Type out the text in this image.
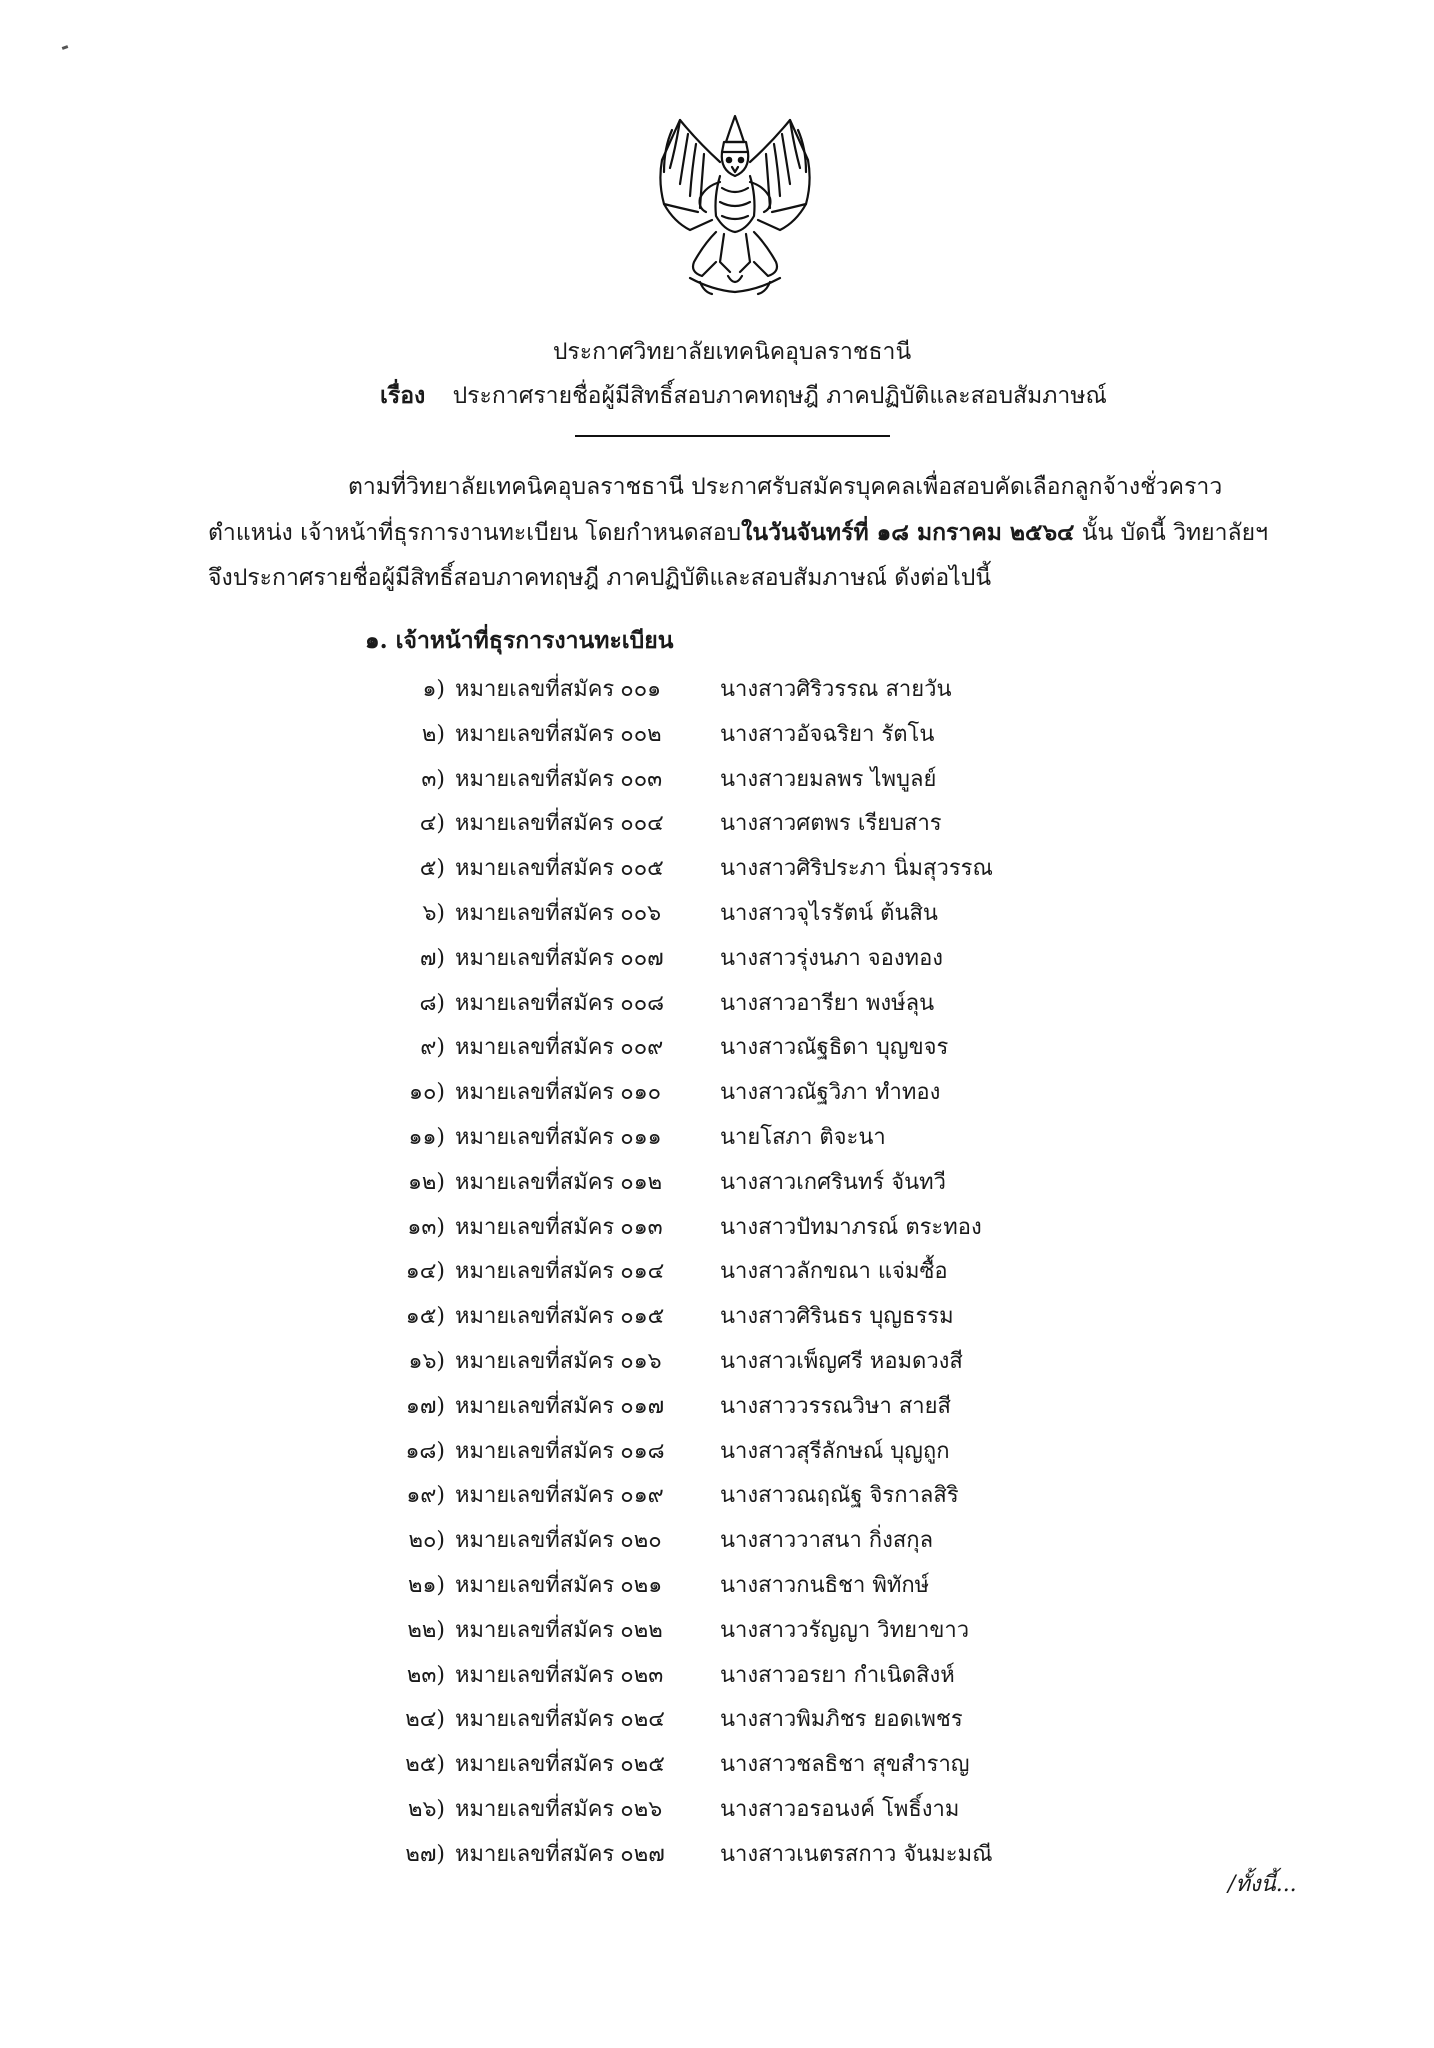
ประกาศวิทยาลัยเทคนิคอุบลราชธานี
เรื่อง ประกาศรายชื่อผู้มีสิทธิ์สอบภาคทฤษฎี ภาคปฏิบัติและสอบสัมภาษณ์
ตามที่วิทยาลัยเทคนิคอุบลราชธานี ประกาศรับสมัครบุคคลเพื่อสอบคัดเลือกลูกจ้างชั่วคราว
ตำแหน่ง เจ้าหน้าที่ธุรการงานทะเบียน โดยกำหนดสอบในวันจันทร์ที่ ๑๘ มกราคม ๒๕๖๔ นั้น บัดนี้ วิทยาลัยฯ
จึงประกาศรายชื่อผู้มีสิทธิ์สอบภาคทฤษฎี ภาคปฏิบัติและสอบสัมภาษณ์ ดังต่อไปนี้
๑. เจ้าหน้าที่ธุรการงานทะเบียน
๑) หมายเลขที่สมัคร ๐๐๑	นางสาวศิริวรรณ สายวัน
๒) หมายเลขที่สมัคร ๐๐๒	นางสาวอัจฉริยา รัตโน
๓) หมายเลขที่สมัคร ๐๐๓	นางสาวยมลพร ไพบูลย์
๔) หมายเลขที่สมัคร ๐๐๔	นางสาวศตพร เรียบสาร
๕) หมายเลขที่สมัคร ๐๐๕	นางสาวศิริประภา นิ่มสุวรรณ
๖) หมายเลขที่สมัคร ๐๐๖	นางสาวจุไรรัตน์ ต้นสิน
๗) หมายเลขที่สมัคร ๐๐๗	นางสาวรุ่งนภา จองทอง
๘) หมายเลขที่สมัคร ๐๐๘	นางสาวอารียา พงษ์ลุน
๙) หมายเลขที่สมัคร ๐๐๙	นางสาวณัฐธิดา บุญขจร
๑๐) หมายเลขที่สมัคร ๐๑๐	นางสาวณัฐวิภา ทำทอง
๑๑) หมายเลขที่สมัคร ๐๑๑	นายโสภา ติจะนา
๑๒) หมายเลขที่สมัคร ๐๑๒	นางสาวเกศรินทร์ จันทวี
๑๓) หมายเลขที่สมัคร ๐๑๓	นางสาวปัทมาภรณ์ ตระทอง
๑๔) หมายเลขที่สมัคร ๐๑๔	นางสาวลักขณา แจ่มซื้อ
๑๕) หมายเลขที่สมัคร ๐๑๕	นางสาวศิรินธร บุญธรรม
๑๖) หมายเลขที่สมัคร ๐๑๖	นางสาวเพ็ญศรี หอมดวงสี
๑๗) หมายเลขที่สมัคร ๐๑๗	นางสาววรรณวิษา สายสี
๑๘) หมายเลขที่สมัคร ๐๑๘	นางสาวสุรีลักษณ์ บุญถูก
๑๙) หมายเลขที่สมัคร ๐๑๙	นางสาวณฤณัฐ จิรกาลสิริ
๒๐) หมายเลขที่สมัคร ๐๒๐	นางสาววาสนา กิ่งสกุล
๒๑) หมายเลขที่สมัคร ๐๒๑	นางสาวกนธิชา พิทักษ์
๒๒) หมายเลขที่สมัคร ๐๒๒	นางสาววรัญญา วิทยาขาว
๒๓) หมายเลขที่สมัคร ๐๒๓	นางสาวอรยา กำเนิดสิงห์
๒๔) หมายเลขที่สมัคร ๐๒๔	นางสาวพิมภิชร ยอดเพชร
๒๕) หมายเลขที่สมัคร ๐๒๕	นางสาวชลธิชา สุขสำราญ
๒๖) หมายเลขที่สมัคร ๐๒๖	นางสาวอรอนงค์ โพธิ์งาม
๒๗) หมายเลขที่สมัคร ๐๒๗	นางสาวเนตรสกาว จันมะมณี
/ทั้งนี้...
